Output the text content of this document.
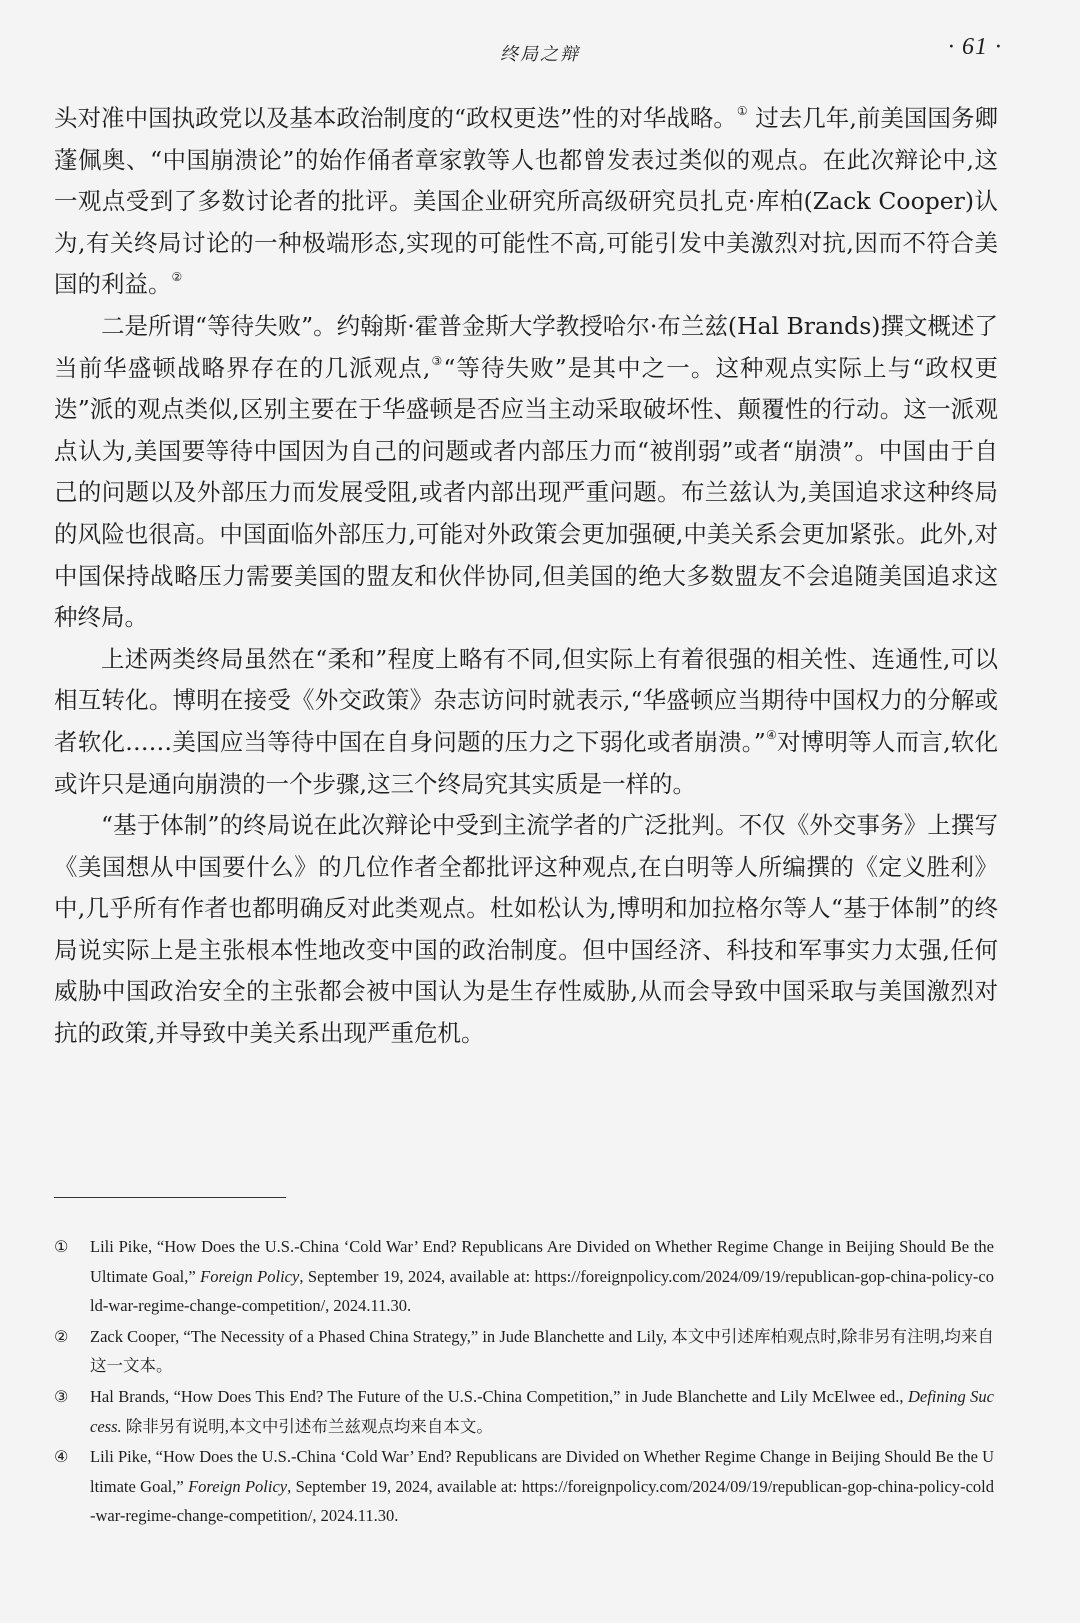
终局之辩	· 61 ·

头对准中国执政党以及基本政治制度的“政权更迭”性的对华战略。① 过去几年,前美国国务卿蓬佩奥、“中国崩溃论”的始作俑者章家敦等人也都曾发表过类似的观点。在此次辩论中,这一观点受到了多数讨论者的批评。美国企业研究所高级研究员扎克·库柏(Zack Cooper)认为,有关终局讨论的一种极端形态,实现的可能性不高,可能引发中美激烈对抗,因而不符合美国的利益。②

二是所谓“等待失败”。约翰斯·霍普金斯大学教授哈尔·布兰兹(Hal Brands)撰文概述了当前华盛顿战略界存在的几派观点,③“等待失败”是其中之一。这种观点实际上与“政权更迭”派的观点类似,区别主要在于华盛顿是否应当主动采取破坏性、颠覆性的行动。这一派观点认为,美国要等待中国因为自己的问题或者内部压力而“被削弱”或者“崩溃”。中国由于自己的问题以及外部压力而发展受阻,或者内部出现严重问题。布兰兹认为,美国追求这种终局的风险也很高。中国面临外部压力,可能对外政策会更加强硬,中美关系会更加紧张。此外,对中国保持战略压力需要美国的盟友和伙伴协同,但美国的绝大多数盟友不会追随美国追求这种终局。

上述两类终局虽然在“柔和”程度上略有不同,但实际上有着很强的相关性、连通性,可以相互转化。博明在接受《外交政策》杂志访问时就表示,“华盛顿应当期待中国权力的分解或者软化……美国应当等待中国在自身问题的压力之下弱化或者崩溃。”④对博明等人而言,软化或许只是通向崩溃的一个步骤,这三个终局究其实质是一样的。

“基于体制”的终局说在此次辩论中受到主流学者的广泛批判。不仅《外交事务》上撰写《美国想从中国要什么》的几位作者全都批评这种观点,在白明等人所编撰的《定义胜利》中,几乎所有作者也都明确反对此类观点。杜如松认为,博明和加拉格尔等人“基于体制”的终局说实际上是主张根本性地改变中国的政治制度。但中国经济、科技和军事实力太强,任何威胁中国政治安全的主张都会被中国认为是生存性威胁,从而会导致中国采取与美国激烈对抗的政策,并导致中美关系出现严重危机。

① Lili Pike, “How Does the U.S.-China ‘Cold War’ End? Republicans Are Divided on Whether Regime Change in Beijing Should Be the Ultimate Goal,” Foreign Policy, September 19, 2024, available at: https://foreignpolicy.com/2024/09/19/republican-gop-china-policy-cold-war-regime-change-competition/, 2024.11.30.
② Zack Cooper, “The Necessity of a Phased China Strategy,” in Jude Blanchette and Lily, 本文中引述库柏观点时,除非另有注明,均来自这一文本。
③ Hal Brands, “How Does This End? The Future of the U.S.-China Competition,” in Jude Blanchette and Lily McElwee ed., Defining Success. 除非另有说明,本文中引述布兰兹观点均来自本文。
④ Lili Pike, “How Does the U.S.-China ‘Cold War’ End? Republicans are Divided on Whether Regime Change in Beijing Should Be the Ultimate Goal,” Foreign Policy, September 19, 2024, available at: https://foreignpolicy.com/2024/09/19/republican-gop-china-policy-cold-war-regime-change-competition/, 2024.11.30.
